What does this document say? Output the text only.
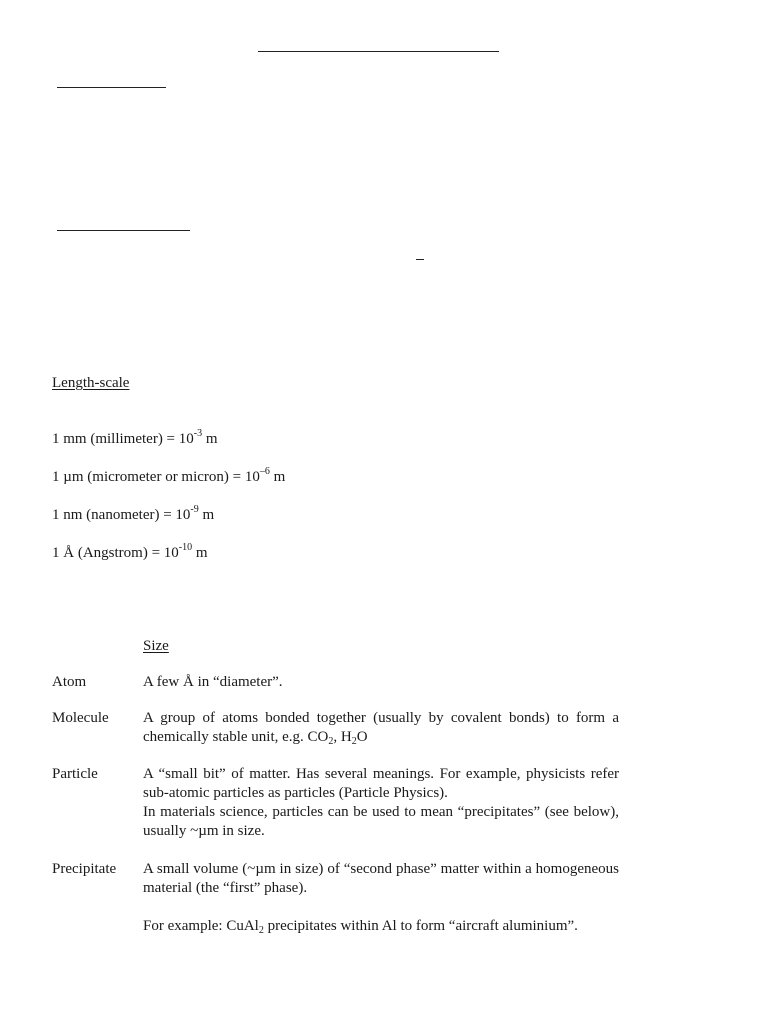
Length-scale
1 mm (millimeter) = $10^{-3}$ m
1 µm (micrometer or micron) = $10^{-6}$ m
1 nm (nanometer) = $10^{-9}$ m
1 Å (Angstrom) = $10^{-10}$ m
Size
Atom	A few Å in “diameter”.
Molecule	A group of atoms bonded together (usually by covalent bonds) to form a chemically stable unit, e.g. $CO_2$, $H_2O$
Particle	A “small bit” of matter. Has several meanings. For example, physicists refer sub-atomic particles as particles (Particle Physics).

In materials science, particles can be used to mean “precipitates” (see below), usually ~µm in size.

Precipitate	A small volume (~µm in size) of “second phase” matter within a homogeneous material (the “first” phase).

For example: CuAl$_2$ precipitates within Al to form “aircraft aluminium”.
